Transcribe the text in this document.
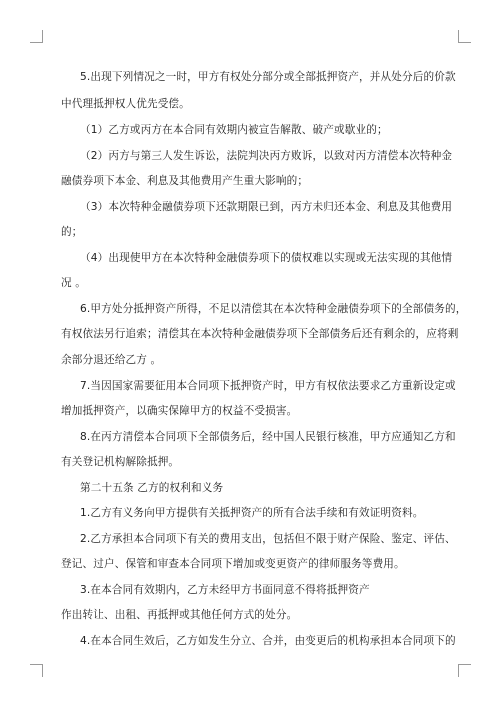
5.出现下列情况之一时，甲方有权处分部分或全部抵押资产，并从处分后的价款
中代理抵押权人优先受偿。
（1）乙方或丙方在本合同有效期内被宣告解散、破产或歇业的；
（2）丙方与第三人发生诉讼，法院判决丙方败诉，以致对丙方清偿本次特种金
融债券项下本金、利息及其他费用产生重大影响的；
（3）本次特种金融债券项下还款期限已到，丙方未归还本金、利息及其他费用
的；
（4）出现使甲方在本次特种金融债券项下的债权难以实现或无法实现的其他情
况 。
6.甲方处分抵押资产所得，不足以清偿其在本次特种金融债券项下的全部债务的，
有权依法另行追索；清偿其在本次特种金融债券项下全部债务后还有剩余的，应将剩
余部分退还给乙方 。
7.当因国家需要征用本合同项下抵押资产时，甲方有权依法要求乙方重新设定或
增加抵押资产，以确实保障甲方的权益不受损害。
8.在丙方清偿本合同项下全部债务后，经中国人民银行核准，甲方应通知乙方和
有关登记机构解除抵押。
第二十五条 乙方的权利和义务
1.乙方有义务向甲方提供有关抵押资产的所有合法手续和有效证明资料。
2.乙方承担本合同项下有关的费用支出，包括但不限于财产保险、鉴定、评估、
登记、过户、保管和审查本合同项下增加或变更资产的律师服务等费用。
3.在本合同有效期内，乙方未经甲方书面同意不得将抵押资产
作出转让、出租、再抵押或其他任何方式的处分。
4.在本合同生效后，乙方如发生分立、合并，由变更后的机构承担本合同项下的
